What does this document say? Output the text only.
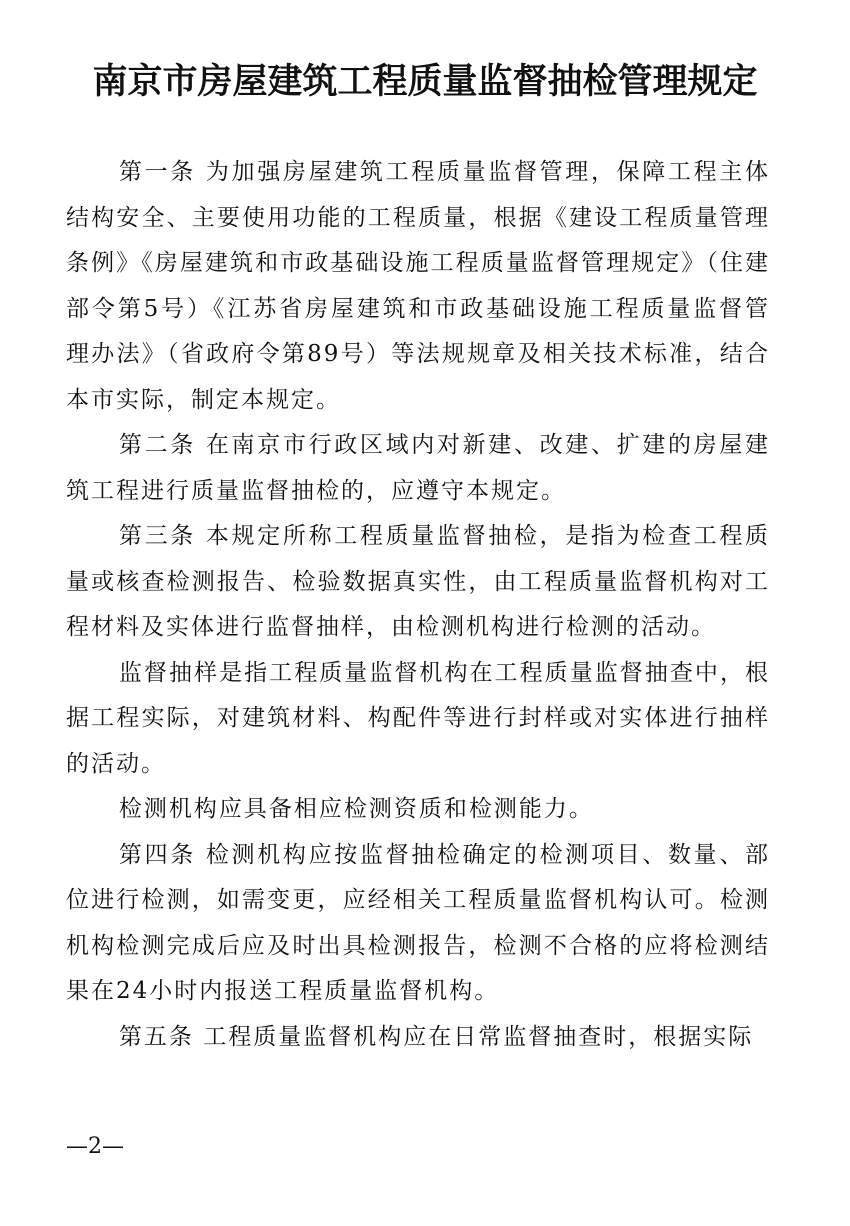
南京市房屋建筑工程质量监督抽检管理规定

第一条 为加强房屋建筑工程质量监督管理，保障工程主体结构安全、主要使用功能的工程质量，根据《建设工程质量管理条例》《房屋建筑和市政基础设施工程质量监督管理规定》（住建部令第5号）《江苏省房屋建筑和市政基础设施工程质量监督管理办法》（省政府令第89号）等法规规章及相关技术标准，结合本市实际，制定本规定。

第二条 在南京市行政区域内对新建、改建、扩建的房屋建筑工程进行质量监督抽检的，应遵守本规定。

第三条 本规定所称工程质量监督抽检，是指为检查工程质量或核查检测报告、检验数据真实性，由工程质量监督机构对工程材料及实体进行监督抽样，由检测机构进行检测的活动。

监督抽样是指工程质量监督机构在工程质量监督抽查中，根据工程实际，对建筑材料、构配件等进行封样或对实体进行抽样的活动。

检测机构应具备相应检测资质和检测能力。

第四条 检测机构应按监督抽检确定的检测项目、数量、部位进行检测，如需变更，应经相关工程质量监督机构认可。检测机构检测完成后应及时出具检测报告，检测不合格的应将检测结果在24小时内报送工程质量监督机构。

第五条 工程质量监督机构应在日常监督抽查时，根据实际

—2—
